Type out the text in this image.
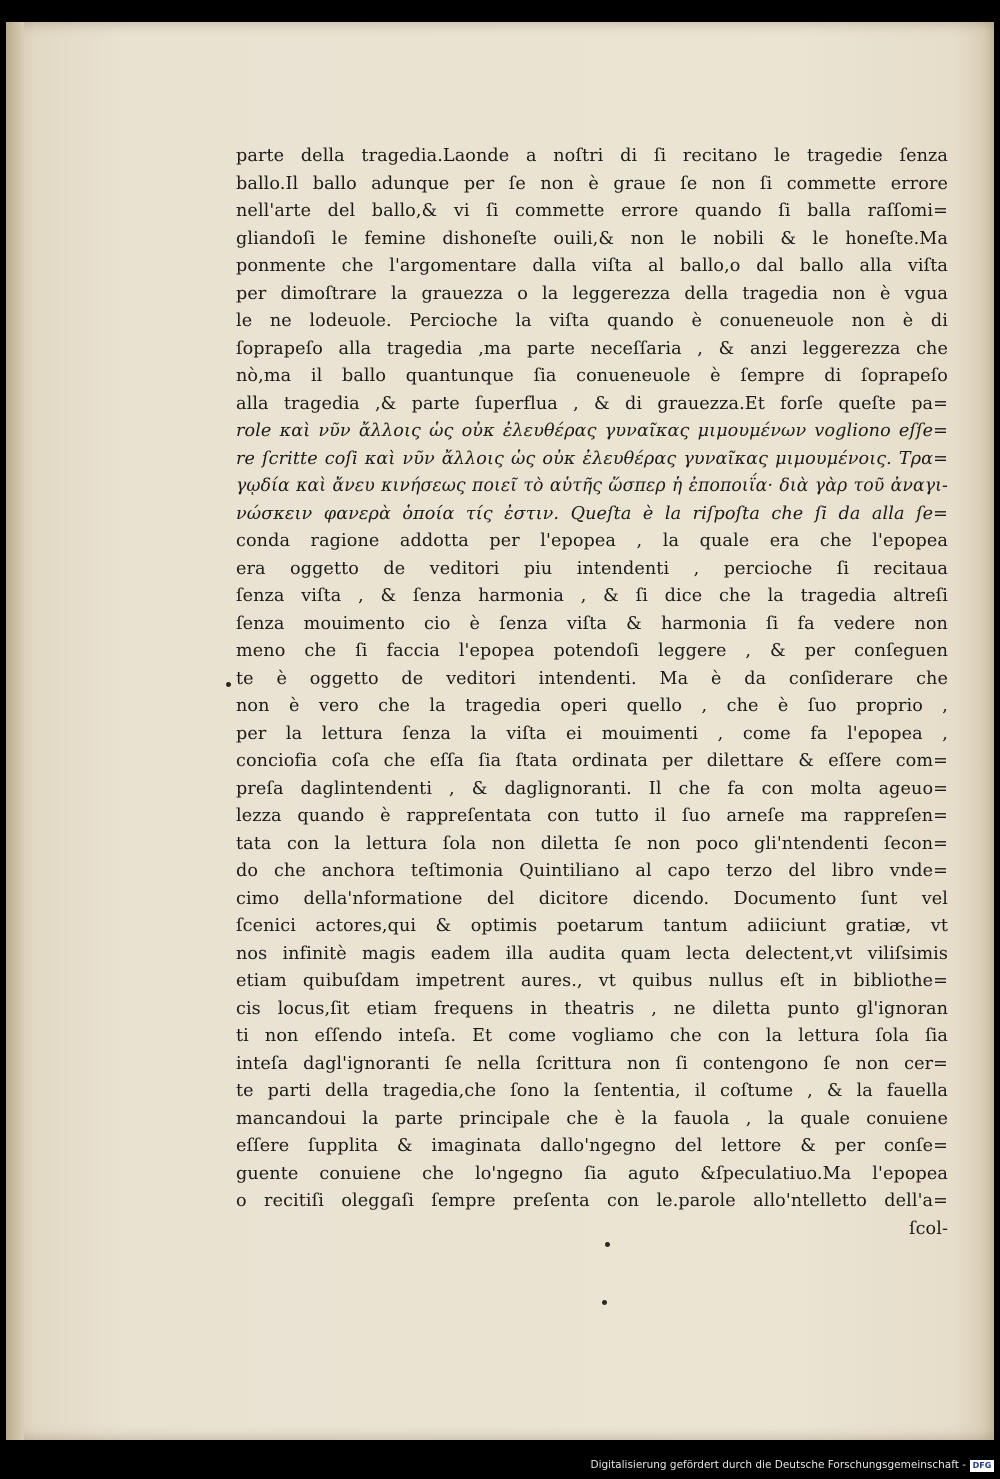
parte della tragedia.Laonde a noſtri di ſi recitano le tragedie ſenza
ballo.Il ballo adunque per ſe non è graue ſe non ſi commette errore
nell'arte del ballo,& vi ſi commette errore quando ſi balla raſſomi=
gliandoſi le femine dishoneſte ouili,& non le nobili & le honeſte.Ma
ponmente che l'argomentare dalla viſta al ballo,o dal ballo alla viſta
per dimoſtrare la grauezza o la leggerezza della tragedia non è vgua
le ne lodeuole. Percioche la viſta quando è conueneuole non è di
ſoprapeſo alla tragedia ,ma parte neceſſaria , & anzi leggerezza che
nò,ma il ballo quantunque ſia conueneuole è ſempre di ſoprapeſo
alla tragedia ,& parte ſuperflua , & di grauezza.Et forſe queſte pa=
role καὶ νῦν ἄλλοις ὡς οὐκ ἐλευθέρας γυναῖκας μιμουμένων vogliono eſſe=
re ſcritte coſi καὶ νῦν ἄλλοις ὡς οὐκ ἐλευθέρας γυναῖκας μιμουμένοις. Τρα=
γῳδία καὶ ἄνευ κινήσεως ποιεῖ τὸ αὑτῆς ὥσπερ ἡ ἐποποιΐα· διὰ γὰρ τοῦ ἀναγι-
νώσκειν φανερὰ ὁποία τίς ἐστιν. Queſta è la riſpoſta che ſi da alla ſe=
conda ragione addotta per l'epopea , la quale era che l'epopea
era oggetto de veditori piu intendenti , percioche ſi recitaua
ſenza viſta , & ſenza harmonia , & ſi dice che la tragedia altreſi
ſenza mouimento cio è ſenza viſta & harmonia ſi fa vedere non
meno che ſi faccia l'epopea potendoſi leggere , & per conſeguen
te è oggetto de veditori intendenti. Ma è da conſiderare che
non è vero che la tragedia operi quello , che è ſuo proprio ,
per la lettura ſenza la viſta ei mouimenti , come fa l'epopea ,
conciofia coſa che eſſa ſia ſtata ordinata per dilettare & eſſere com=
preſa daglintendenti , & daglignoranti. Il che fa con molta ageuo=
lezza quando è rappreſentata con tutto il ſuo arneſe ma rappreſen=
tata con la lettura ſola non diletta ſe non poco gli'ntendenti ſecon=
do che anchora teſtimonia Quintiliano al capo terzo del libro vnde=
cimo della'nformatione del dicitore dicendo. Documento ſunt vel
ſcenici actores,qui & optimis poetarum tantum adiiciunt gratiæ, vt
nos infinitè magis eadem illa audita quam lecta delectent,vt viliſsimis
etiam quibuſdam impetrent aures., vt quibus nullus eſt in bibliothe=
cis locus,ſit etiam frequens in theatris , ne diletta punto gl'ignoran
ti non eſſendo inteſa. Et come vogliamo che con la lettura ſola ſia
inteſa dagl'ignoranti ſe nella ſcrittura non ſi contengono ſe non cer=
te parti della tragedia,che ſono la ſententia, il coſtume , & la fauella
mancandoui la parte principale che è la fauola , la quale conuiene
eſſere ſupplita & imaginata dallo'ngegno del lettore & per conſe=
guente conuiene che lo'ngegno ſia aguto &ſpeculatiuo.Ma l'epopea
o recitiſi oleggaſi ſempre preſenta con le.parole allo'ntelletto dell'a=
ſcol-
Digitalisierung gefördert durch die Deutsche Forschungsgemeinschaft - DFG
